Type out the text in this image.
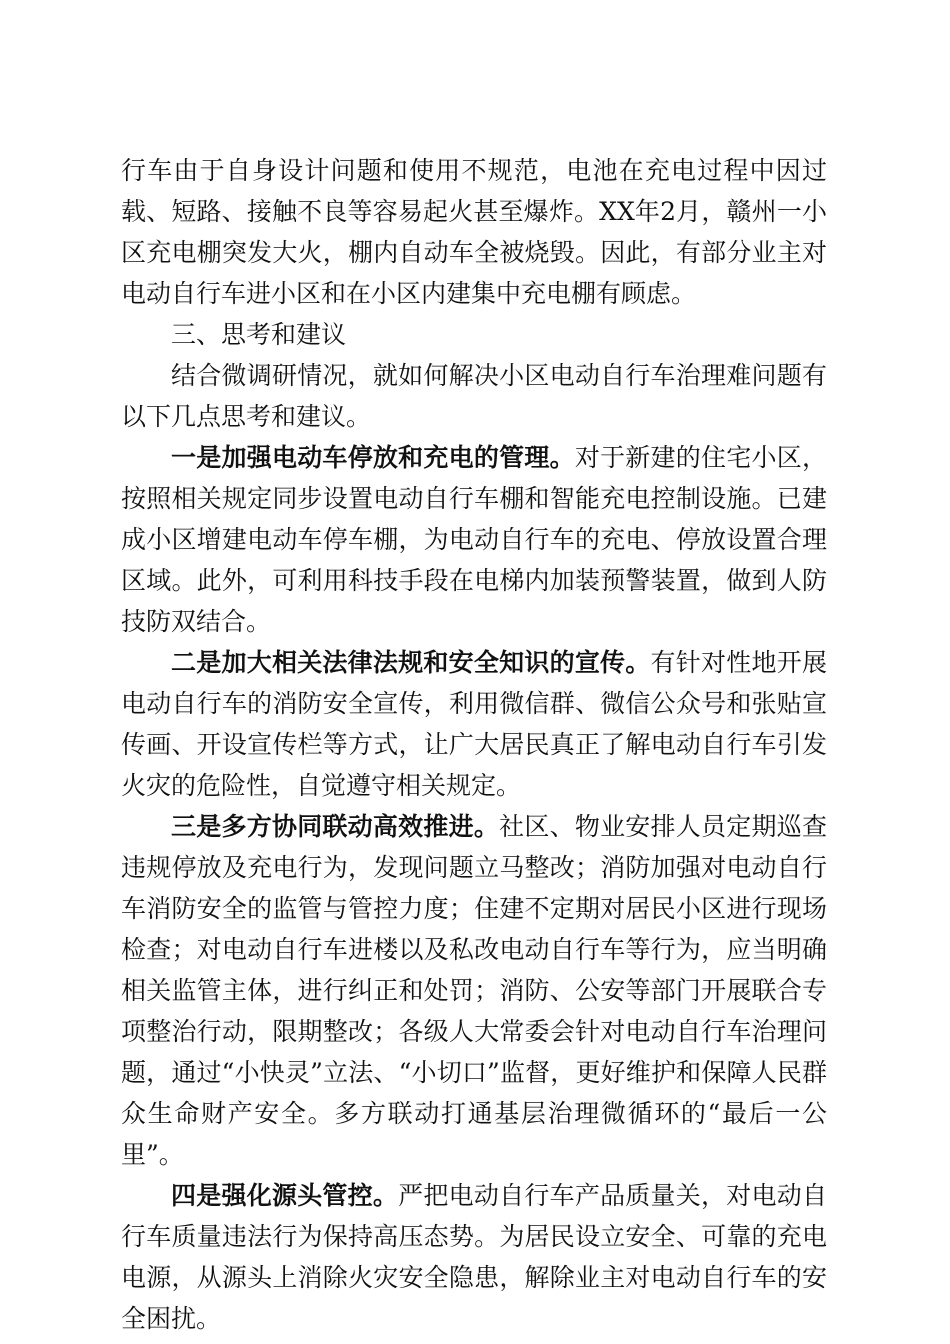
行车由于自身设计问题和使用不规范，电池在充电过程中因过载、短路、接触不良等容易起火甚至爆炸。XX年2月，赣州一小区充电棚突发大火，棚内自动车全被烧毁。因此，有部分业主对电动自行车进小区和在小区内建集中充电棚有顾虑。

三、思考和建议

结合微调研情况，就如何解决小区电动自行车治理难问题有以下几点思考和建议。

一是加强电动车停放和充电的管理。对于新建的住宅小区，按照相关规定同步设置电动自行车棚和智能充电控制设施。已建成小区增建电动车停车棚，为电动自行车的充电、停放设置合理区域。此外，可利用科技手段在电梯内加装预警装置，做到人防技防双结合。

二是加大相关法律法规和安全知识的宣传。有针对性地开展电动自行车的消防安全宣传，利用微信群、微信公众号和张贴宣传画、开设宣传栏等方式，让广大居民真正了解电动自行车引发火灾的危险性，自觉遵守相关规定。

三是多方协同联动高效推进。社区、物业安排人员定期巡查违规停放及充电行为，发现问题立马整改；消防加强对电动自行车消防安全的监管与管控力度；住建不定期对居民小区进行现场检查；对电动自行车进楼以及私改电动自行车等行为，应当明确相关监管主体，进行纠正和处罚；消防、公安等部门开展联合专项整治行动，限期整改；各级人大常委会针对电动自行车治理问题，通过“小快灵”立法、“小切口”监督，更好维护和保障人民群众生命财产安全。多方联动打通基层治理微循环的“最后一公里”。

四是强化源头管控。严把电动自行车产品质量关，对电动自行车质量违法行为保持高压态势。为居民设立安全、可靠的充电电源，从源头上消除火灾安全隐患，解除业主对电动自行车的安全困扰。
